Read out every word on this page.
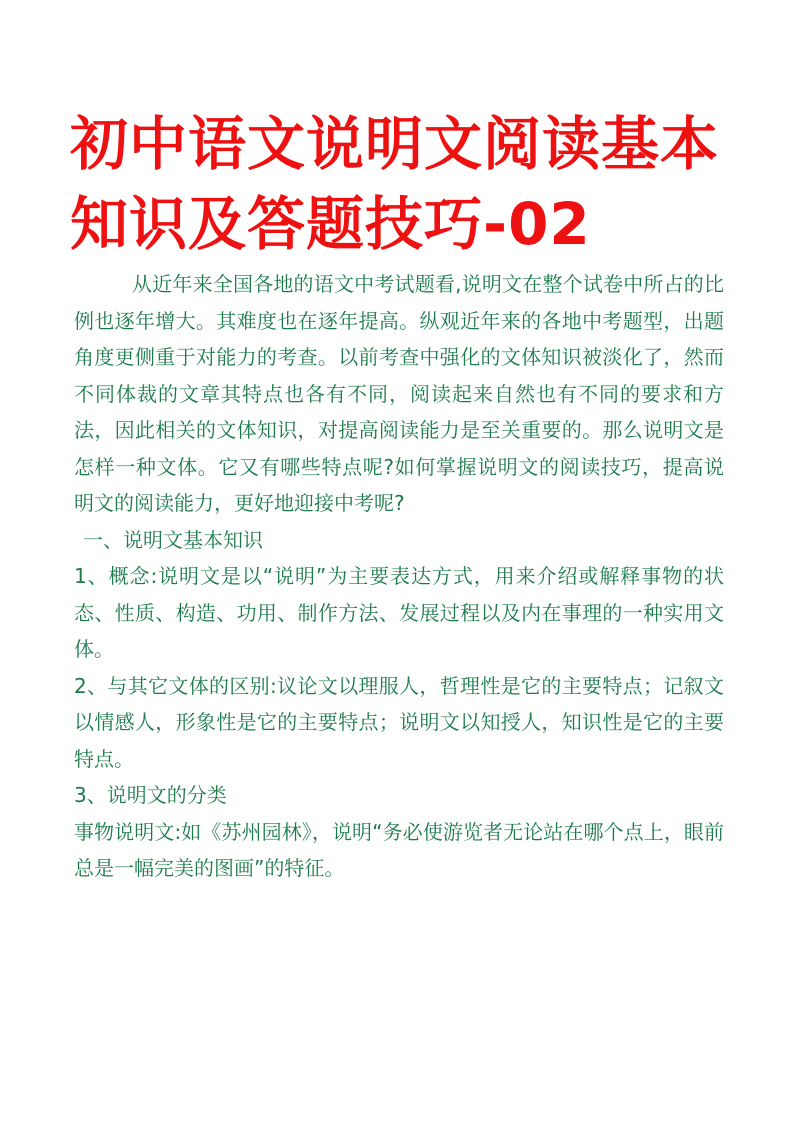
初中语文说明文阅读基本知识及答题技巧-02

从近年来全国各地的语文中考试题看,说明文在整个试卷中所占的比例也逐年增大。其难度也在逐年提高。纵观近年来的各地中考题型，出题角度更侧重于对能力的考查。以前考查中强化的文体知识被淡化了，然而不同体裁的文章其特点也各有不同，阅读起来自然也有不同的要求和方法，因此相关的文体知识，对提高阅读能力是至关重要的。那么说明文是怎样一种文体。它又有哪些特点呢?如何掌握说明文的阅读技巧，提高说明文的阅读能力，更好地迎接中考呢?

一、说明文基本知识

1、概念:说明文是以“说明”为主要表达方式，用来介绍或解释事物的状态、性质、构造、功用、制作方法、发展过程以及内在事理的一种实用文体。

2、与其它文体的区别:议论文以理服人，哲理性是它的主要特点；记叙文以情感人，形象性是它的主要特点；说明文以知授人，知识性是它的主要特点。

3、说明文的分类

事物说明文:如《苏州园林》，说明“务必使游览者无论站在哪个点上，眼前总是一幅完美的图画”的特征。
